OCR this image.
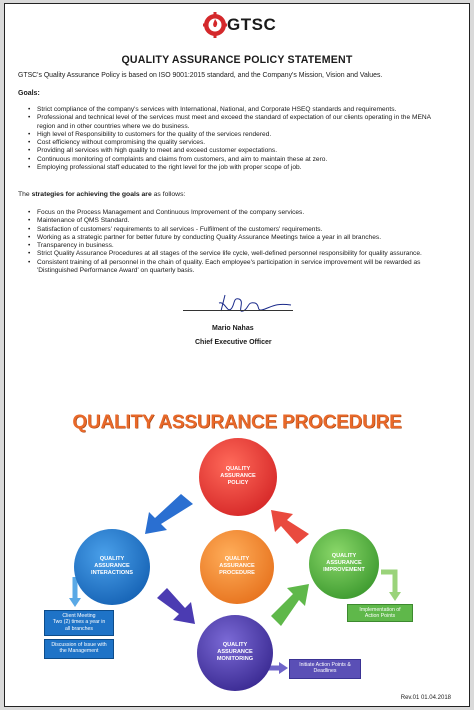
GTSC
QUALITY ASSURANCE POLICY STATEMENT
GTSC's Quality Assurance Policy is based on ISO 9001:2015 standard, and the Company's Mission, Vision and Values.
Goals:
• Strict compliance of the company's services with International, National, and Corporate HSEQ standards and requirements.
• Professional and technical level of the services must meet and exceed the standard of expectation of our clients operating in the MENA region and in other countries where we do business.
• High level of Responsibility to customers for the quality of the services rendered.
• Cost efficiency without compromising the quality services.
• Providing all services with high quality to meet and exceed customer expectations.
• Continuous monitoring of complaints and claims from customers, and aim to maintain these at zero.
• Employing professional staff educated to the right level for the job with proper scope of job.
The strategies for achieving the goals are as follows:
• Focus on the Process Management and Continuous Improvement of the company services.
• Maintenance of QMS Standard.
• Satisfaction of customers' requirements to all services - Fulfilment of the customers' requirements.
• Working as a strategic partner for better future by conducting Quality Assurance Meetings twice a year in all branches.
• Transparency in business.
• Strict Quality Assurance Procedures at all stages of the service life cycle, well-defined personnel responsibility for quality assurance.
• Consistent training of all personnel in the chain of quality. Each employee's participation in service improvement will be rewarded as 'Distinguished Performance Award' on quarterly basis.
Mario Nahas
Chief Executive Officer
QUALITY ASSURANCE PROCEDURE
QUALITY
ASSURANCE
POLICY
QUALITY
ASSURANCE
PROCEDURE
QUALITY
ASSURANCE
INTERACTIONS
QUALITY
ASSURANCE
IMPROVEMENT
QUALITY
ASSURANCE
MONITORING
Client Meeting
Two (2) times a year in
all branches
Discussion of Issue with
the Management
Implementation of
Action Points
Initiate Action Points &
Deadlines
Rev.01 01.04.2018
